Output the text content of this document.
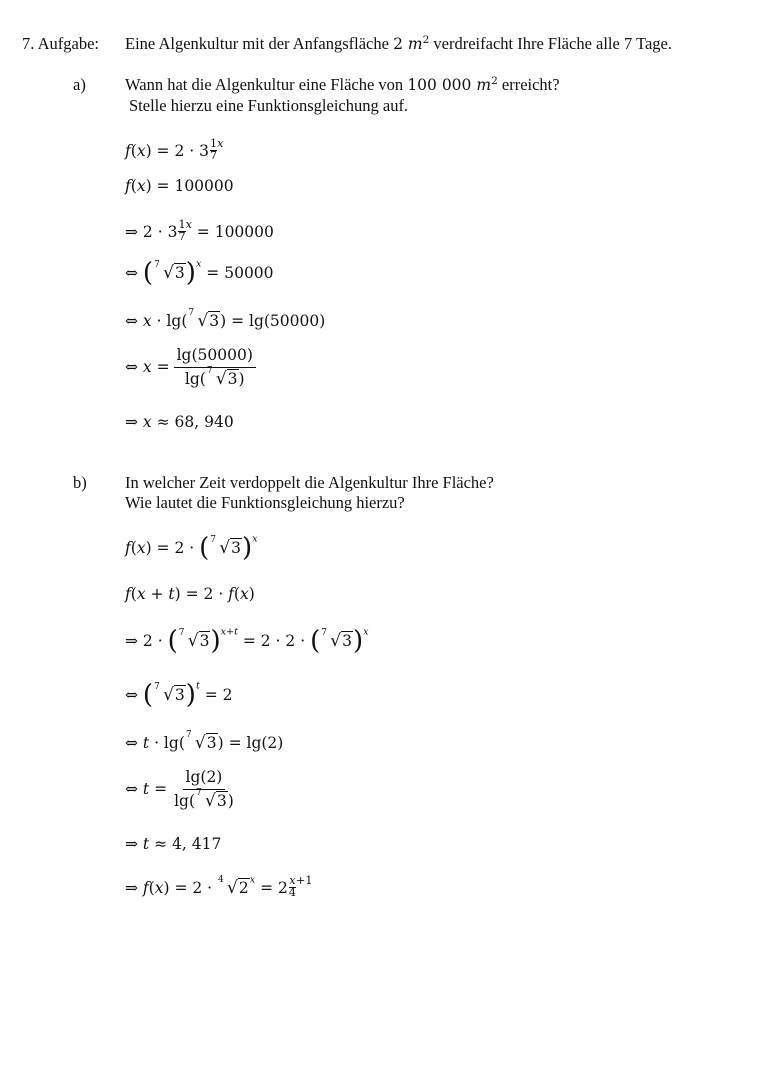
7. Aufgabe: Eine Algenkultur mit der Anfangsfläche 2 $m^2$ verdreifacht Ihre Fläche alle 7 Tage.
a) Wann hat die Algenkultur eine Fläche von 100 000 $m^2$ erreicht?
Stelle hierzu eine Funktionsgleichung auf.
$f(x) = 2 \cdot 3 \frac{1}{7} ^x$
f(x) = 100000
⇒ $2 \cdot 3 \frac{1}{7} ^x = 100000$
⇔ ( 7 √3)$^x$ = 50000
⇔ x · lg( 7 √3) = lg(50000)
⇔ $x = \frac{\lg(50000)}{\lg( 7 √3)}$
⇒ x ≈ 68, 940
b) In welcher Zeit verdoppelt die Algenkultur Ihre Fläche?
Wie lautet die Funktionsgleichung hierzu?
f(x) = 2 · ( 7 √3)$^x$
f(x + t) = 2 · f(x)
⇒ 2 · ( 7 √3)$^{x+t}$ = 2 · 2 · ( 7 √3)$^x$
⇔ ( 7 √3)$^t$ = 2
⇔ t · lg( 7 √3) = lg(2)
⇔ $t = \frac{\lg(2)}{\lg( 7 √3)}$
⇒ t ≈ 4, 417
⇒ f(x) = 2 · 4 $√2^x = 2 \frac{x}{4} ^{+1}$
